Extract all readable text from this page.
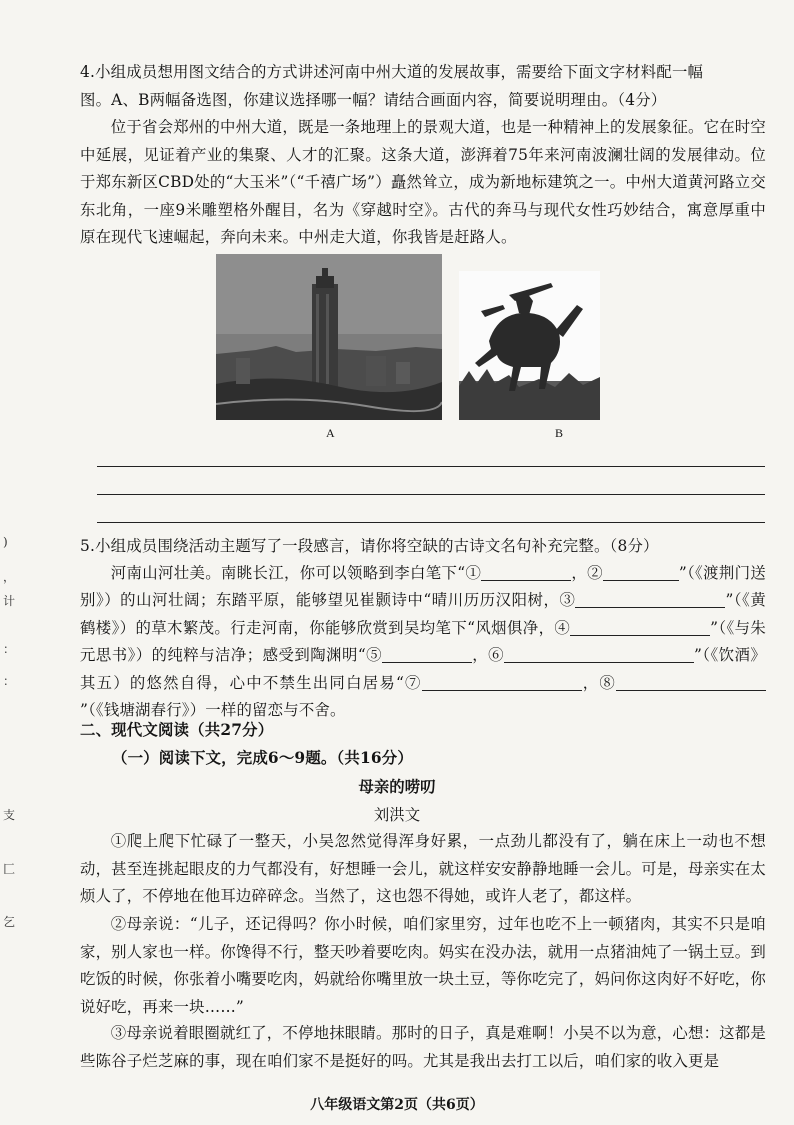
4.小组成员想用图文结合的方式讲述河南中州大道的发展故事，需要给下面文字材料配一幅

图。A、B两幅备选图，你建议选择哪一幅？请结合画面内容，简要说明理由。（4分）

位于省会郑州的中州大道，既是一条地理上的景观大道，也是一种精神上的发展象征。它在时空中延展，见证着产业的集聚、人才的汇聚。这条大道，澎湃着75年来河南波澜壮阔的发展律动。位于郑东新区CBD处的“大玉米”（“千禧广场”）矗然耸立，成为新地标建筑之一。中州大道黄河路立交东北角，一座9米雕塑格外醒目，名为《穿越时空》。古代的奔马与现代女性巧妙结合，寓意厚重中原在现代飞速崛起，奔向未来。中州走大道，你我皆是赶路人。

A	B

5.小组成员围绕活动主题写了一段感言，请你将空缺的古诗文名句补充完整。（8分）

河南山河壮美。南眺长江，你可以领略到李白笔下“①	，②	”（《渡荆门送别》）的山河壮阔；东踏平原，能够望见崔颢诗中“晴川历历汉阳树，③	”（《黄鹤楼》）的草木繁茂。行走河南，你能够欣赏到吴均笔下“风烟俱净，④	”（《与朱元思书》）的纯粹与洁净；感受到陶渊明“⑤	，⑥	”（《饮酒》其五）的悠然自得，心中不禁生出同白居易“⑦	，⑧”（《钱塘湖春行》）一样的留恋与不舍。

二、现代文阅读（共27分）

（一）阅读下文，完成6～9题。（共16分）

母亲的唠叨
刘洪文

①爬上爬下忙碌了一整天，小吴忽然觉得浑身好累，一点劲儿都没有了，躺在床上一动也不想动，甚至连挑起眼皮的力气都没有，好想睡一会儿，就这样安安静静地睡一会儿。可是，母亲实在太烦人了，不停地在他耳边碎碎念。当然了，这也怨不得她，或许人老了，都这样。

②母亲说：“儿子，还记得吗？你小时候，咱们家里穷，过年也吃不上一顿猪肉，其实不只是咱家，别人家也一样。你馋得不行，整天吵着要吃肉。妈实在没办法，就用一点猪油炖了一锅土豆。到吃饭的时候，你张着小嘴要吃肉，妈就给你嘴里放一块土豆，等你吃完了，妈问你这肉好不好吃，你说好吃，再来一块……”

③母亲说着眼圈就红了，不停地抹眼睛。那时的日子，真是难啊！小吴不以为意，心想：这都是些陈谷子烂芝麻的事，现在咱们家不是挺好的吗。尤其是我出去打工以后，咱们家的收入更是

)
，
计
：
：
支
匚
乞
八年级语文第2页（共6页）
